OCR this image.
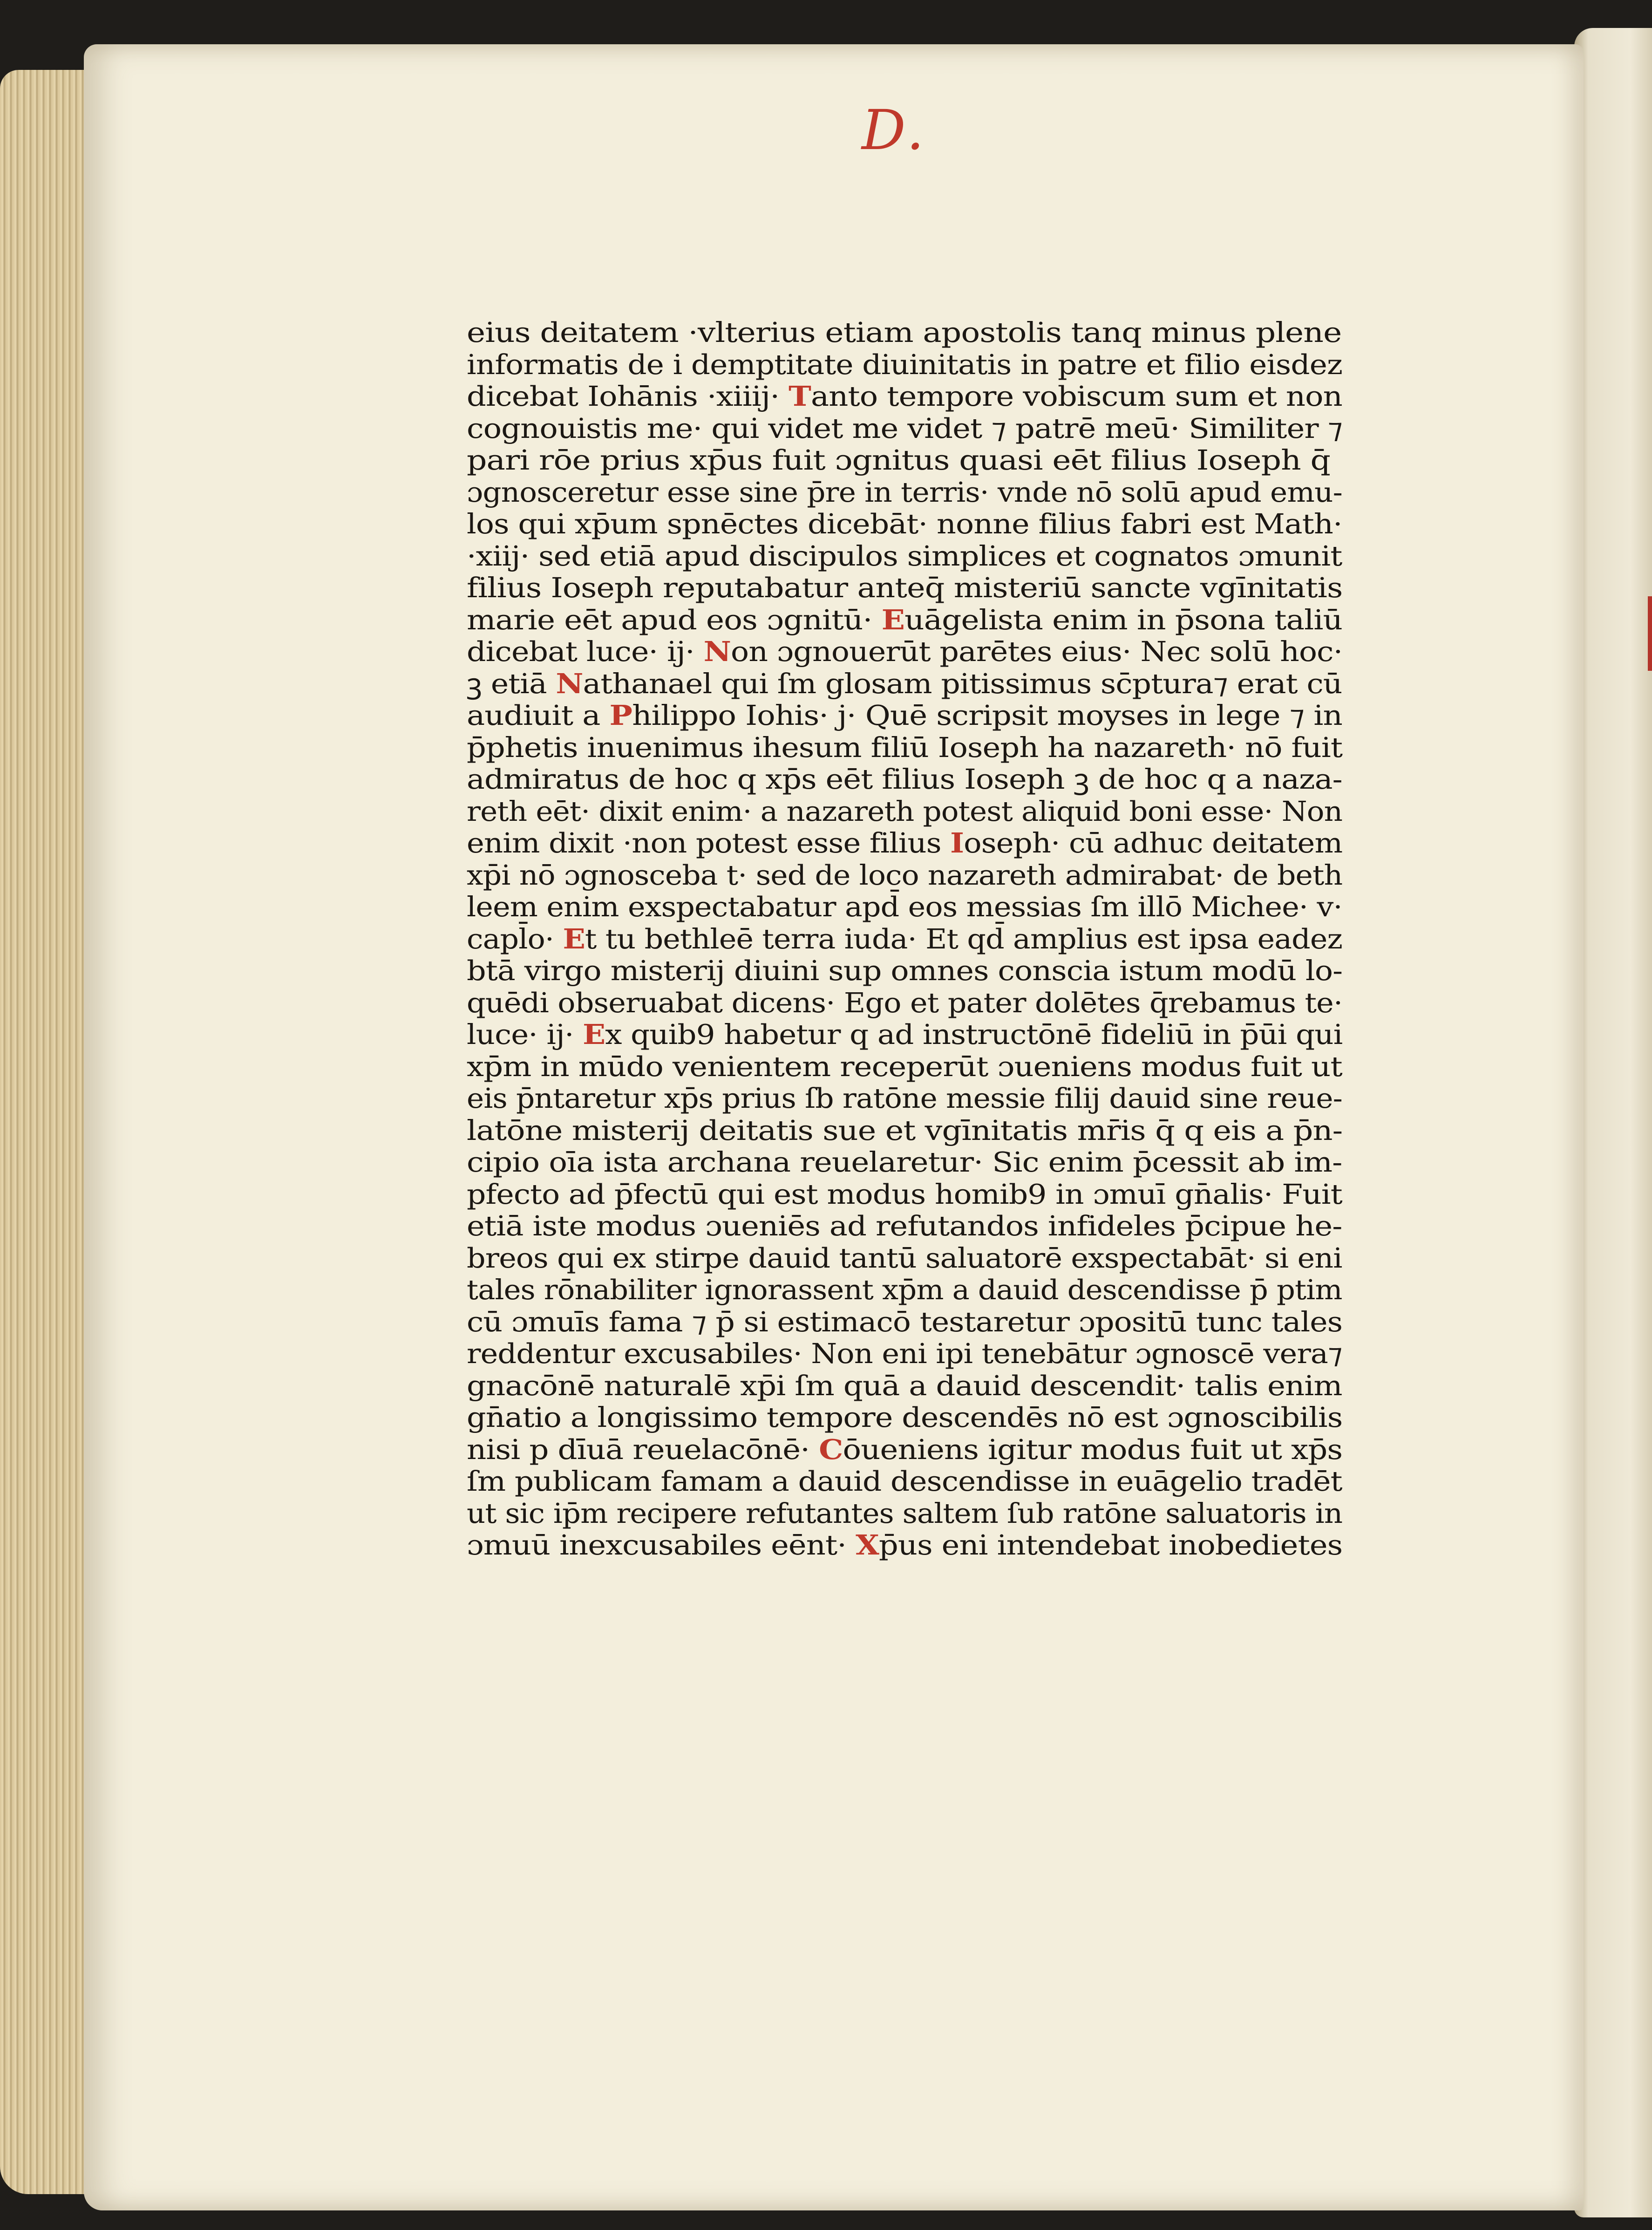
D.
eius deitatem ·vlterius etiam apostolis tanq minus plene
informatis de i demptitate diuinitatis in patre et filio eisdez
dicebat Iohānis ·xiiij· Tanto tempore vobiscum sum et non
cognouistis me· qui videt me videt ⁊ patrē meū· Similiter ⁊
pari rōe prius xp̄us fuit ɔgnitus quasi eēt filius Ioseph q̄
ɔgnosceretur esse sine p̄re in terris· vnde nō solū apud emu-
los qui xp̄um spnēctes dicebāt· nonne filius fabri est Math·
·xiij· sed etiā apud discipulos simplices et cognatos ɔmunit
filius Ioseph reputabatur anteq̄ misteriū sancte vgīnitatis
marie eēt apud eos ɔgnitū· Euāgelista enim in p̄sona taliū
dicebat luce· ij· Non ɔgnouerūt parētes eius· Nec solū hoc·
ꝫ etiā Nathanael qui ſm glosam pitissimus sc̄ptura⁊ erat cū
audiuit a Philippo Iohis· j· Quē scripsit moyses in lege ⁊ in
p̄phetis inuenimus ihesum filiū Ioseph ha nazareth· nō fuit
admiratus de hoc q xp̄s eēt filius Ioseph ꝫ de hoc q a naza-
reth eēt· dixit enim· a nazareth potest aliquid boni esse· Non
enim dixit ·non potest esse filius Ioseph· cū adhuc deitatem
xp̄i nō ɔgnosceba t· sed de loco nazareth admirabat· de beth
leem enim exspectabatur apd̄ eos messias ſm illō Michee· v·
capl̄o· Et tu bethleē terra iuda· Et qd̄ amplius est ipsa eadez
btā virgo misterij diuini sup omnes conscia istum modū lo-
quēdi obseruabat dicens· Ego et pater dolētes q̄rebamus te·
luce· ij· Ex quib9 habetur q ad instructōnē fideliū in p̄ūi qui
xp̄m in mūdo venientem receperūt ɔueniens modus fuit ut
eis p̄ntaretur xp̄s prius ſb ratōne messie filij dauid sine reue-
latōne misterij deitatis sue et vgīnitatis mr̄is q̄ q eis a p̄n-
cipio oīa ista archana reuelaretur· Sic enim p̄cessit ab im-
pfecto ad p̄fectū qui est modus homib9 in ɔmuī gn̄alis· Fuit
etiā iste modus ɔueniēs ad refutandos infideles p̄cipue he-
breos qui ex stirpe dauid tantū saluatorē exspectabāt· si eni
tales rōnabiliter ignorassent xp̄m a dauid descendisse p̄ ptim
cū ɔmuīs fama ⁊ p̄ si estimacō testaretur ɔpositū tunc tales
reddentur excusabiles· Non eni ipi tenebātur ɔgnoscē vera⁊
gnacōnē naturalē xp̄i ſm quā a dauid descendit· talis enim
gn̄atio a longissimo tempore descendēs nō est ɔgnoscibilis
nisi p dīuā reuelacōnē· Cōueniens igitur modus fuit ut xp̄s
ſm publicam famam a dauid descendisse in euāgelio tradēt
ut sic ip̄m recipere refutantes saltem ſub ratōne saluatoris in
ɔmuū inexcusabiles eēnt· Xp̄us eni intendebat inobedietes
